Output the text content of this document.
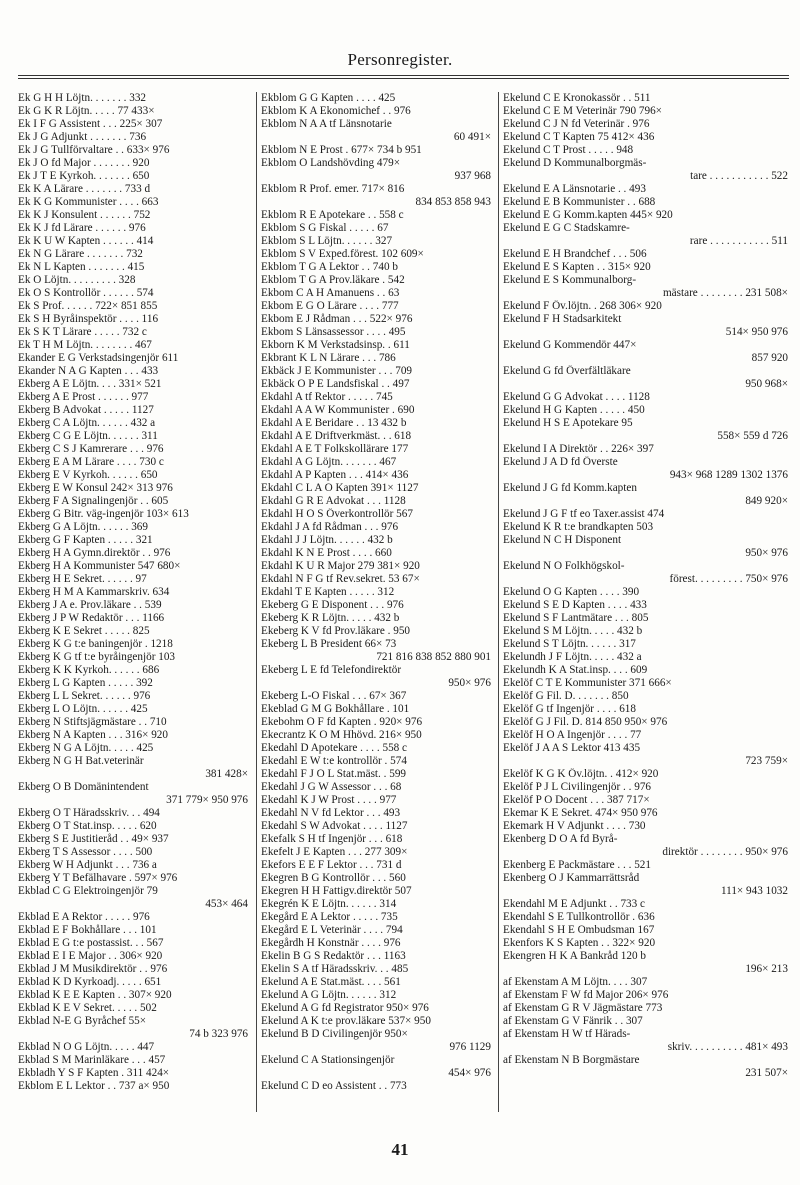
Personregister.
Ek G H H Löjtn. . . . . . . 332
Ek G K R Löjtn. . . . . 77 433×
Ek I F G Assistent . . . 225× 307
Ek J G Adjunkt . . . . . . . 736
Ek J G Tullförvaltare . . 633× 976
Ek J O fd Major . . . . . . . 920
Ek J T E Kyrkoh. . . . . . . 650
Ek K A Lärare . . . . . . . 733 d
Ek K G Kommunister . . . . 663
Ek K J Konsulent . . . . . . 752
Ek K J fd Lärare . . . . . . 976
Ek K U W Kapten . . . . . . 414
Ek N G Lärare . . . . . . . 732
Ek N L Kapten . . . . . . . 415
Ek O Löjtn. . . . . . . . . 328
Ek O S Kontrollör . . . . . . 574
Ek S Prof. . . . . . 722× 851 855
Ek S H Byråinspektör . . . . 116
Ek S K T Lärare . . . . . 732 c
Ek T H M Löjtn. . . . . . . . 467
Ekander E G Verkstadsingenjör 611
Ekander N A G Kapten . . . 433
Ekberg A E Löjtn. . . . 331× 521
Ekberg A E Prost . . . . . . 977
Ekberg B Advokat . . . . . 1127
Ekberg C A Löjtn. . . . . . 432 a
Ekberg C G E Löjtn. . . . . . 311
Ekberg C S J Kamrerare . . . 976
Ekberg E A M Lärare . . . . 730 c
Ekberg E V Kyrkoh. . . . . . 650
Ekberg E W Konsul 242× 313 976
Ekberg F A Signalingenjör . . 605
Ekberg G Bitr. väg-ingenjör 103× 613
Ekberg G A Löjtn. . . . . . 369
Ekberg G F Kapten . . . . . 321
Ekberg H A Gymn.direktör . . 976
Ekberg H A Kommunister 547 680×
Ekberg H E Sekret. . . . . . 97
Ekberg H M A Kammarskriv. 634
Ekberg J A e. Prov.läkare . . 539
Ekberg J P W Redaktör . . . 1166
Ekberg K E Sekret . . . . . 825
Ekberg K G t:e baningenjör . 1218
Ekberg K G tf t:e byråingenjör 103
Ekberg K K Kyrkoh. . . . . . 686
Ekberg L G Kapten . . . . . 392
Ekberg L L Sekret. . . . . . 976
Ekberg L O Löjtn. . . . . . 425
Ekberg N Stiftsjägmästare . . 710
Ekberg N A Kapten . . . 316× 920
Ekberg N G A Löjtn. . . . . 425
Ekberg N G H Bat.veterinär
381 428×
Ekberg O B Domänintendent
371 779× 950 976
Ekberg O T Häradsskriv. . . 494
Ekberg O T Stat.insp. . . . . 620
Ekberg S E Justitieråd . . 49× 937
Ekberg T S Assessor . . . . 500
Ekberg W H Adjunkt . . . 736 a
Ekberg Y T Befälhavare . 597× 976
Ekblad C G Elektroingenjör 79
453× 464
Ekblad E A Rektor . . . . . 976
Ekblad E F Bokhållare . . . 101
Ekblad E G t:e postassist. . . 567
Ekblad E I E Major . . 306× 920
Ekblad J M Musikdirektör . . 976
Ekblad K D Kyrkoadj. . . . . 651
Ekblad K E E Kapten . . 307× 920
Ekblad K E V Sekret. . . . . 502
Ekblad N-E G Byråchef 55×
74 b 323 976
Ekblad N O G Löjtn. . . . . 447
Ekblad S M Marinläkare . . . 457
Ekbladh Y S F Kapten . 311 424×
Ekblom E L Lektor . . 737 a× 950
Ekblom G G Kapten . . . . 425
Ekblom K A Ekonomichef . . 976
Ekblom N A A tf Länsnotarie
60 491×
Ekblom N E Prost . 677× 734 b 951
Ekblom O Landshövding 479×
937 968
Ekblom R Prof. emer. 717× 816
834 853 858 943
Ekblom R E Apotekare . . 558 c
Ekblom S G Fiskal . . . . . 67
Ekblom S L Löjtn. . . . . . 327
Ekblom S V Exped.förest. 102 609×
Ekblom T G A Lektor . . 740 b
Ekblom T G A Prov.läkare . 542
Ekbom C A H Amanuens . . 63
Ekbom E G O Lärare . . . . 777
Ekbom E J Rådman . . . 522× 976
Ekbom S Länsassessor . . . . 495
Ekborn K M Verkstadsinsp. . 611
Ekbrant K L N Lärare . . . 786
Ekbäck J E Kommunister . . . 709
Ekbäck O P E Landsfiskal . . 497
Ekdahl A tf Rektor . . . . . 745
Ekdahl A A W Kommunister . 690
Ekdahl A E Beridare . . 13 432 b
Ekdahl A E Driftverkmäst. . . 618
Ekdahl A E T Folkskollärare 177
Ekdahl A G Löjtn. . . . . . . 467
Ekdahl A P Kapten . . . 414× 436
Ekdahl C L A O Kapten 391× 1127
Ekdahl G R E Advokat . . . 1128
Ekdahl H O S Överkontrollör 567
Ekdahl J A fd Rådman . . . 976
Ekdahl J J Löjtn. . . . . . 432 b
Ekdahl K N E Prost . . . . 660
Ekdahl K U R Major 279 381× 920
Ekdahl N F G tf Rev.sekret. 53 67×
Ekdahl T E Kapten . . . . . 312
Ekeberg G E Disponent . . . 976
Ekeberg K R Löjtn. . . . . 432 b
Ekeberg K V fd Prov.läkare . 950
Ekeberg L B President 66× 73
721 816 838 852 880 901
Ekeberg L E fd Telefondirektör
950× 976
Ekeberg L-O Fiskal . . . 67× 367
Ekeblad G M G Bokhållare . 101
Ekebohm O F fd Kapten . 920× 976
Ekecrantz K O M Hhövd. 216× 950
Ekedahl D Apotekare . . . . 558 c
Ekedahl E W t:e kontrollör . 574
Ekedahl F J O L Stat.mäst. . 599
Ekedahl J G W Assessor . . . 68
Ekedahl K J W Prost . . . . 977
Ekedahl N V fd Lektor . . . 493
Ekedahl S W Advokat . . . . 1127
Ekefalk S H tf Ingenjör . . . 618
Ekefelt J E Kapten . . . 277 309×
Ekefors E E F Lektor . . . 731 d
Ekegren B G Kontrollör . . . 560
Ekegren H H Fattigv.direktör 507
Ekegrén K E Löjtn. . . . . . 314
Ekegård E A Lektor . . . . . 735
Ekegård E L Veterinär . . . . 794
Ekegårdh H Konstnär . . . . 976
Ekelin B G S Redaktör . . . 1163
Ekelin S A tf Häradsskriv. . . 485
Ekelund A E Stat.mäst. . . . 561
Ekelund A G Löjtn. . . . . . 312
Ekelund A G fd Registrator 950× 976
Ekelund A K t:e prov.läkare 537× 950
Ekelund B D Civilingenjör 950×
976 1129
Ekelund C A Stationsingenjör
454× 976
Ekelund C D eo Assistent . . 773
Ekelund C E Kronokassör . . 511
Ekelund C E M Veterinär 790 796×
Ekelund C J N fd Veterinär . 976
Ekelund C T Kapten 75 412× 436
Ekelund C T Prost . . . . . 948
Ekelund D Kommunalborgmäs-
tare . . . . . . . . . . . 522
Ekelund E A Länsnotarie . . 493
Ekelund E B Kommunister . . 688
Ekelund E G Komm.kapten 445× 920
Ekelund E G C Stadskamre-
rare . . . . . . . . . . . 511
Ekelund E H Brandchef . . . 506
Ekelund E S Kapten . . 315× 920
Ekelund E S Kommunalborg-
mästare . . . . . . . . 231 508×
Ekelund F Öv.löjtn. . 268 306× 920
Ekelund F H Stadsarkitekt
514× 950 976
Ekelund G Kommendör 447×
857 920
Ekelund G fd Överfältläkare
950 968×
Ekelund G G Advokat . . . . 1128
Ekelund H G Kapten . . . . . 450
Ekelund H S E Apotekare 95
558× 559 d 726
Ekelund I A Direktör . . 226× 397
Ekelund J A D fd Överste
943× 968 1289 1302 1376
Ekelund J G fd Komm.kapten
849 920×
Ekelund J G F tf eo Taxer.assist 474
Ekelund K R t:e brandkapten 503
Ekelund N C H Disponent
950× 976
Ekelund N O Folkhögskol-
förest. . . . . . . . . 750× 976
Ekelund O G Kapten . . . . 390
Ekelund S E D Kapten . . . . 433
Ekelund S F Lantmätare . . . 805
Ekelund S M Löjtn. . . . . 432 b
Ekelund S T Löjtn. . . . . . 317
Ekelundh J F Löjtn. . . . . 432 a
Ekelundh K A Stat.insp. . . . 609
Ekelöf C T E Kommunister 371 666×
Ekelöf G Fil. D. . . . . . . 850
Ekelöf G tf Ingenjör . . . . 618
Ekelöf G J Fil. D. 814 850 950× 976
Ekelöf H O A Ingenjör . . . . 77
Ekelöf J A A S Lektor 413 435
723 759×
Ekelöf K G K Öv.löjtn. . 412× 920
Ekelöf P J L Civilingenjör . . 976
Ekelöf P O Docent . . . 387 717×
Ekemar K E Sekret. 474× 950 976
Ekemark H V Adjunkt . . . . 730
Ekenberg D O A fd Byrå-
direktör . . . . . . . . 950× 976
Ekenberg E Packmästare . . . 521
Ekenberg O J Kammarrättsråd
111× 943 1032
Ekendahl M E Adjunkt . . 733 c
Ekendahl S E Tullkontrollör . 636
Ekendahl S H E Ombudsman 167
Ekenfors K S Kapten . . 322× 920
Ekengren H K A Bankråd 120 b
196× 213
af Ekenstam A M Löjtn. . . . 307
af Ekenstam F W fd Major 206× 976
af Ekenstam G R V Jägmästare 773
af Ekenstam G V Fänrik . . 307
af Ekenstam H W tf Härads-
skriv. . . . . . . . . . 481× 493
af Ekenstam N B Borgmästare
231 507×
41
